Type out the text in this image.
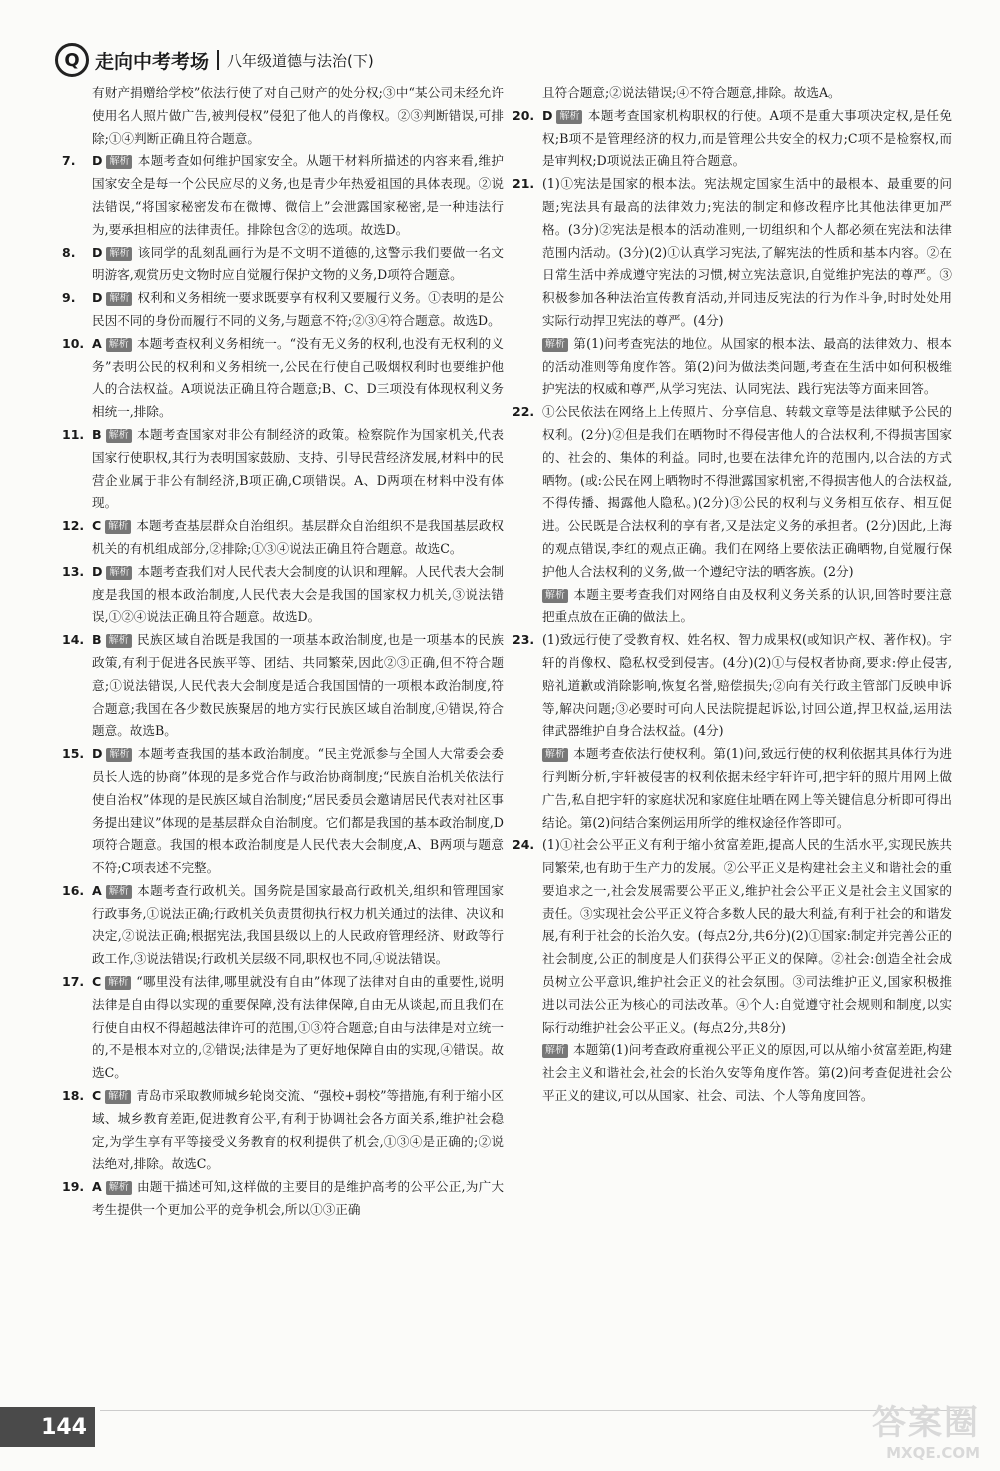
Q 走向中考考场 八年级道德与法治(下)

有财产捐赠给学校”依法行使了对自己财产的处分权;③中“某公司未经允许使用名人照片做广告,被判侵权”侵犯了他人的肖像权。②③判断错误,可排除;①④判断正确且符合题意。

7. D 解析 本题考查如何维护国家安全。从题干材料所描述的内容来看,维护国家安全是每一个公民应尽的义务,也是青少年热爱祖国的具体表现。②说法错误,“将国家秘密发布在微博、微信上”会泄露国家秘密,是一种违法行为,要承担相应的法律责任。排除包含②的选项。故选D。

8. D 解析 该同学的乱刻乱画行为是不文明不道德的,这警示我们要做一名文明游客,观赏历史文物时应自觉履行保护文物的义务,D项符合题意。

9. D 解析 权利和义务相统一要求既要享有权利又要履行义务。①表明的是公民因不同的身份而履行不同的义务,与题意不符;②③④符合题意。故选D。

10. A 解析 本题考查权利义务相统一。“没有无义务的权利,也没有无权利的义务”表明公民的权利和义务相统一,公民在行使自己吸烟权利时也要维护他人的合法权益。A项说法正确且符合题意;B、C、D三项没有体现权利义务相统一,排除。

11. B 解析 本题考查国家对非公有制经济的政策。检察院作为国家机关,代表国家行使职权,其行为表明国家鼓励、支持、引导民营经济发展,材料中的民营企业属于非公有制经济,B项正确,C项错误。A、D两项在材料中没有体现。

12. C 解析 本题考查基层群众自治组织。基层群众自治组织不是我国基层政权机关的有机组成部分,②排除;①③④说法正确且符合题意。故选C。

13. D 解析 本题考查我们对人民代表大会制度的认识和理解。人民代表大会制度是我国的根本政治制度,人民代表大会是我国的国家权力机关,③说法错误,①②④说法正确且符合题意。故选D。

14. B 解析 民族区域自治既是我国的一项基本政治制度,也是一项基本的民族政策,有利于促进各民族平等、团结、共同繁荣,因此②③正确,但不符合题意;①说法错误,人民代表大会制度是适合我国国情的一项根本政治制度,符合题意;我国在各少数民族聚居的地方实行民族区域自治制度,④错误,符合题意。故选B。

15. D 解析 本题考查我国的基本政治制度。“民主党派参与全国人大常委会委员长人选的协商”体现的是多党合作与政治协商制度;“民族自治机关依法行使自治权”体现的是民族区域自治制度;“居民委员会邀请居民代表对社区事务提出建议”体现的是基层群众自治制度。它们都是我国的基本政治制度,D项符合题意。我国的根本政治制度是人民代表大会制度,A、B两项与题意不符;C项表述不完整。

16. A 解析 本题考查行政机关。国务院是国家最高行政机关,组织和管理国家行政事务,①说法正确;行政机关负责贯彻执行权力机关通过的法律、决议和决定,②说法正确;根据宪法,我国县级以上的人民政府管理经济、财政等行政工作,③说法错误;行政机关层级不同,职权也不同,④说法错误。

17. C 解析 “哪里没有法律,哪里就没有自由”体现了法律对自由的重要性,说明法律是自由得以实现的重要保障,没有法律保障,自由无从谈起,而且我们在行使自由权不得超越法律许可的范围,①③符合题意;自由与法律是对立统一的,不是根本对立的,②错误;法律是为了更好地保障自由的实现,④错误。故选C。

18. C 解析 青岛市采取教师城乡轮岗交流、“强校+弱校”等措施,有利于缩小区域、城乡教育差距,促进教育公平,有利于协调社会各方面关系,维护社会稳定,为学生享有平等接受义务教育的权利提供了机会,①③④是正确的;②说法绝对,排除。故选C。

19. A 解析 由题干描述可知,这样做的主要目的是维护高考的公平公正,为广大考生提供一个更加公平的竞争机会,所以①③正确

且符合题意;②说法错误;④不符合题意,排除。故选A。

20. D 解析 本题考查国家机构职权的行使。A项不是重大事项决定权,是任免权;B项不是管理经济的权力,而是管理公共安全的权力;C项不是检察权,而是审判权;D项说法正确且符合题意。

21. (1)①宪法是国家的根本法。宪法规定国家生活中的最根本、最重要的问题;宪法具有最高的法律效力;宪法的制定和修改程序比其他法律更加严格。(3分)②宪法是根本的活动准则,一切组织和个人都必须在宪法和法律范围内活动。(3分)(2)①认真学习宪法,了解宪法的性质和基本内容。②在日常生活中养成遵守宪法的习惯,树立宪法意识,自觉维护宪法的尊严。③积极参加各种法治宣传教育活动,并同违反宪法的行为作斗争,时时处处用实际行动捍卫宪法的尊严。(4分)

解析 第(1)问考查宪法的地位。从国家的根本法、最高的法律效力、根本的活动准则等角度作答。第(2)问为做法类问题,考查在生活中如何积极维护宪法的权威和尊严,从学习宪法、认同宪法、践行宪法等方面来回答。

22. ①公民依法在网络上上传照片、分享信息、转载文章等是法律赋予公民的权利。(2分)②但是我们在晒物时不得侵害他人的合法权利,不得损害国家的、社会的、集体的利益。同时,也要在法律允许的范围内,以合法的方式晒物。(或:公民在网上晒物时不得泄露国家机密,不得损害他人的合法权益,不得传播、揭露他人隐私。)(2分)③公民的权利与义务相互依存、相互促进。公民既是合法权利的享有者,又是法定义务的承担者。(2分)因此,上海的观点错误,李红的观点正确。我们在网络上要依法正确晒物,自觉履行保护他人合法权利的义务,做一个遵纪守法的晒客族。(2分)

解析 本题主要考查我们对网络自由及权利义务关系的认识,回答时要注意把重点放在正确的做法上。

23. (1)致远行使了受教育权、姓名权、智力成果权(或知识产权、著作权)。宇轩的肖像权、隐私权受到侵害。(4分)(2)①与侵权者协商,要求:停止侵害,赔礼道歉或消除影响,恢复名誉,赔偿损失;②向有关行政主管部门反映申诉等,解决问题;③必要时可向人民法院提起诉讼,讨回公道,捍卫权益,运用法律武器维护自身合法权益。(4分)

解析 本题考查依法行使权利。第(1)问,致远行使的权利依据其具体行为进行判断分析,宇轩被侵害的权利依据未经宇轩许可,把宇轩的照片用网上做广告,私自把宇轩的家庭状况和家庭住址晒在网上等关键信息分析即可得出结论。第(2)问结合案例运用所学的维权途径作答即可。

24. (1)①社会公平正义有利于缩小贫富差距,提高人民的生活水平,实现民族共同繁荣,也有助于生产力的发展。②公平正义是构建社会主义和谐社会的重要追求之一,社会发展需要公平正义,维护社会公平正义是社会主义国家的责任。③实现社会公平正义符合多数人民的最大利益,有利于社会的和谐发展,有利于社会的长治久安。(每点2分,共6分)(2)①国家:制定并完善公正的社会制度,公正的制度是人们获得公平正义的保障。②社会:创造全社会成员树立公平意识,维护社会正义的社会氛围。③司法维护正义,国家积极推进以司法公正为核心的司法改革。④个人:自觉遵守社会规则和制度,以实际行动维护社会公平正义。(每点2分,共8分)

解析 本题第(1)问考查政府重视公平正义的原因,可以从缩小贫富差距,构建社会主义和谐社会,社会的长治久安等角度作答。第(2)问考查促进社会公平正义的建议,可以从国家、社会、司法、个人等角度回答。

144	答案圈
MXQE.COM
